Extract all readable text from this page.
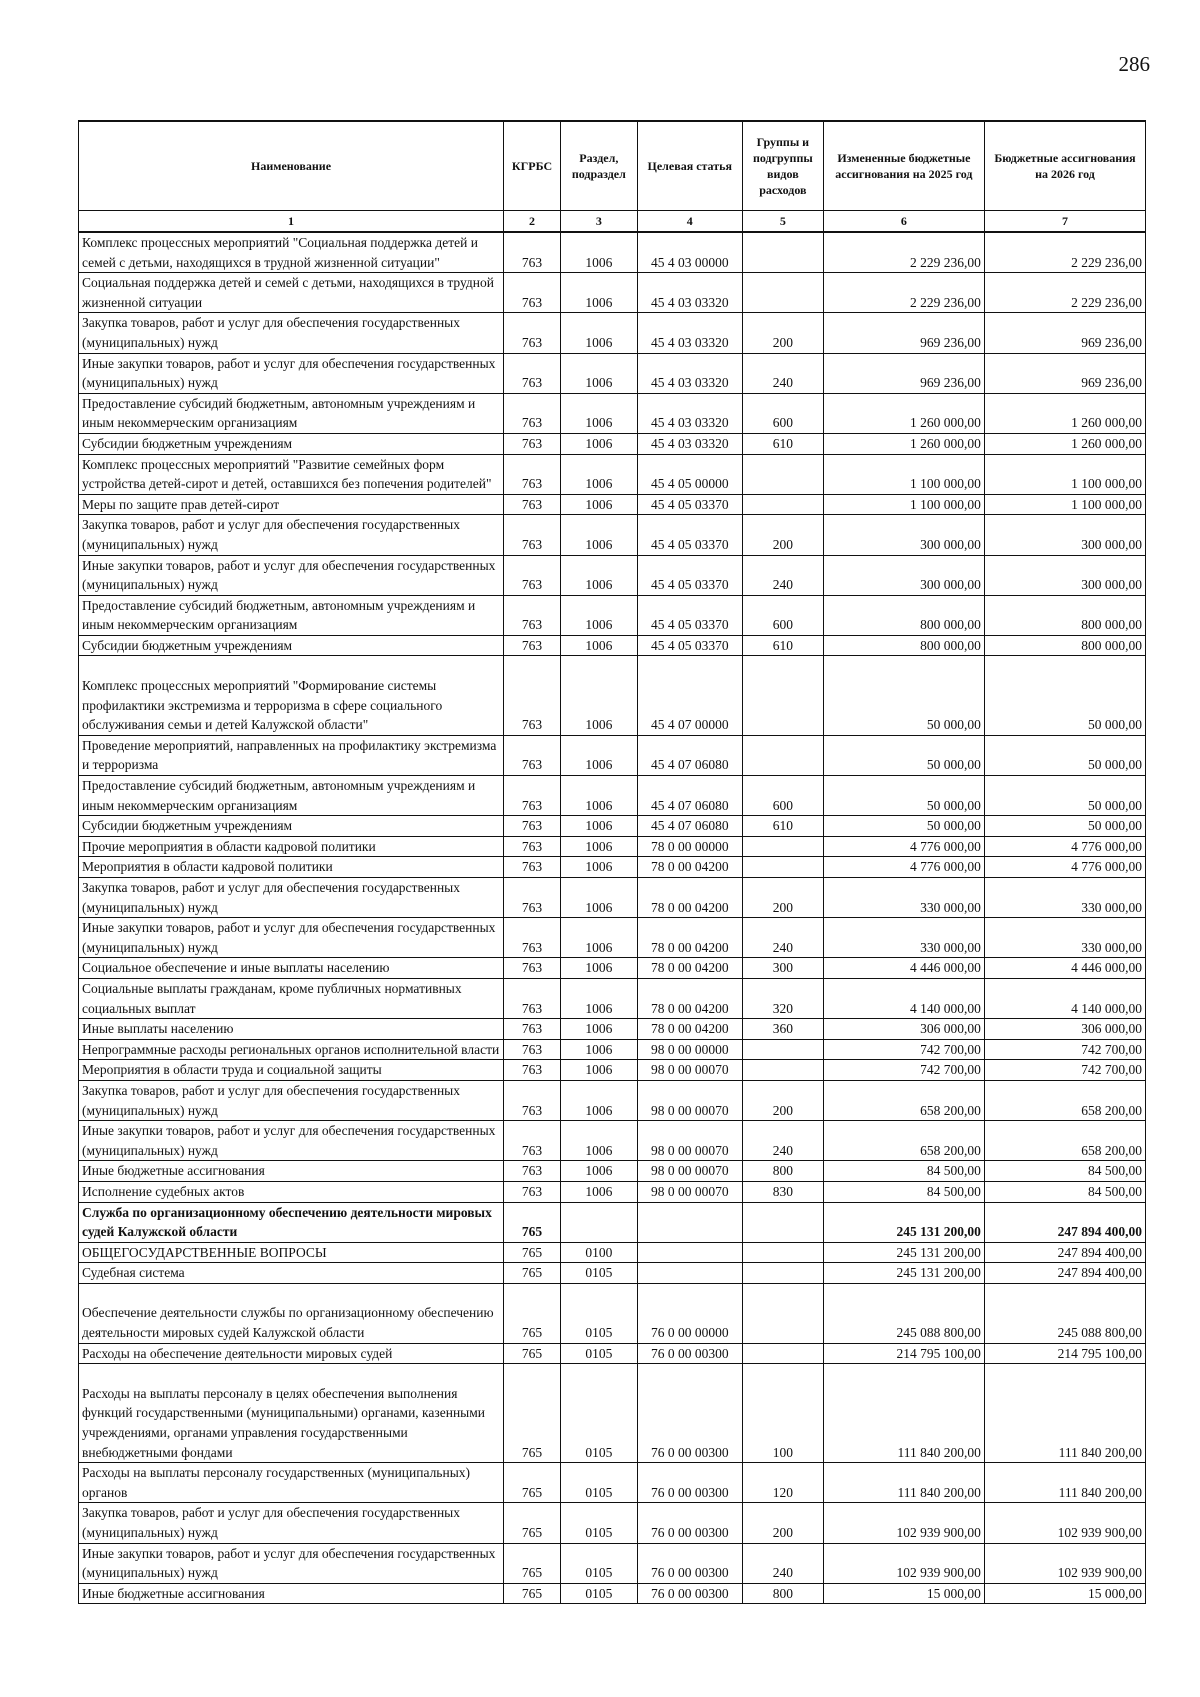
286
Наименование	КГРБС	Раздел, подраздел	Целевая статья	Группы и подгруппы видов расходов	Измененные бюджетные ассигнования на 2025 год	Бюджетные ассигнования на 2026 год
1	2	3	4	5	6	7
Комплекс процессных мероприятий "Социальная поддержка детей и семей с детьми, находящихся в трудной жизненной ситуации"	763	1006	45 4 03 00000		2 229 236,00	2 229 236,00
Социальная поддержка детей и семей с детьми, находящихся в трудной жизненной ситуации	763	1006	45 4 03 03320		2 229 236,00	2 229 236,00
Закупка товаров, работ и услуг для обеспечения государственных (муниципальных) нужд	763	1006	45 4 03 03320	200	969 236,00	969 236,00
Иные закупки товаров, работ и услуг для обеспечения государственных (муниципальных) нужд	763	1006	45 4 03 03320	240	969 236,00	969 236,00
Предоставление субсидий бюджетным, автономным учреждениям и иным некоммерческим организациям	763	1006	45 4 03 03320	600	1 260 000,00	1 260 000,00
Субсидии бюджетным учреждениям	763	1006	45 4 03 03320	610	1 260 000,00	1 260 000,00
Комплекс процессных мероприятий "Развитие семейных форм устройства детей-сирот и детей, оставшихся без попечения родителей"	763	1006	45 4 05 00000		1 100 000,00	1 100 000,00
Меры по защите прав детей-сирот	763	1006	45 4 05 03370		1 100 000,00	1 100 000,00
Закупка товаров, работ и услуг для обеспечения государственных (муниципальных) нужд	763	1006	45 4 05 03370	200	300 000,00	300 000,00
Иные закупки товаров, работ и услуг для обеспечения государственных (муниципальных) нужд	763	1006	45 4 05 03370	240	300 000,00	300 000,00
Предоставление субсидий бюджетным, автономным учреждениям и иным некоммерческим организациям	763	1006	45 4 05 03370	600	800 000,00	800 000,00
Субсидии бюджетным учреждениям	763	1006	45 4 05 03370	610	800 000,00	800 000,00
Комплекс процессных мероприятий "Формирование системы профилактики экстремизма и терроризма в сфере социального обслуживания семьи и детей Калужской области"	763	1006	45 4 07 00000		50 000,00	50 000,00
Проведение мероприятий, направленных на профилактику экстремизма и терроризма	763	1006	45 4 07 06080		50 000,00	50 000,00
Предоставление субсидий бюджетным, автономным учреждениям и иным некоммерческим организациям	763	1006	45 4 07 06080	600	50 000,00	50 000,00
Субсидии бюджетным учреждениям	763	1006	45 4 07 06080	610	50 000,00	50 000,00
Прочие мероприятия в области кадровой политики	763	1006	78 0 00 00000		4 776 000,00	4 776 000,00
Мероприятия в области кадровой политики	763	1006	78 0 00 04200		4 776 000,00	4 776 000,00
Закупка товаров, работ и услуг для обеспечения государственных (муниципальных) нужд	763	1006	78 0 00 04200	200	330 000,00	330 000,00
Иные закупки товаров, работ и услуг для обеспечения государственных (муниципальных) нужд	763	1006	78 0 00 04200	240	330 000,00	330 000,00
Социальное обеспечение и иные выплаты населению	763	1006	78 0 00 04200	300	4 446 000,00	4 446 000,00
Социальные выплаты гражданам, кроме публичных нормативных социальных выплат	763	1006	78 0 00 04200	320	4 140 000,00	4 140 000,00
Иные выплаты населению	763	1006	78 0 00 04200	360	306 000,00	306 000,00
Непрограммные расходы региональных органов исполнительной власти	763	1006	98 0 00 00000		742 700,00	742 700,00
Мероприятия в области труда и социальной защиты	763	1006	98 0 00 00070		742 700,00	742 700,00
Закупка товаров, работ и услуг для обеспечения государственных (муниципальных) нужд	763	1006	98 0 00 00070	200	658 200,00	658 200,00
Иные закупки товаров, работ и услуг для обеспечения государственных (муниципальных) нужд	763	1006	98 0 00 00070	240	658 200,00	658 200,00
Иные бюджетные ассигнования	763	1006	98 0 00 00070	800	84 500,00	84 500,00
Исполнение судебных актов	763	1006	98 0 00 00070	830	84 500,00	84 500,00
Служба по организационному обеспечению деятельности мировых судей Калужской области	765				245 131 200,00	247 894 400,00
ОБЩЕГОСУДАРСТВЕННЫЕ ВОПРОСЫ	765	0100			245 131 200,00	247 894 400,00
Судебная система	765	0105			245 131 200,00	247 894 400,00
Обеспечение деятельности службы по организационному обеспечению деятельности мировых судей Калужской области	765	0105	76 0 00 00000		245 088 800,00	245 088 800,00
Расходы на обеспечение деятельности мировых судей	765	0105	76 0 00 00300		214 795 100,00	214 795 100,00
Расходы на выплаты персоналу в целях обеспечения выполнения функций государственными (муниципальными) органами, казенными учреждениями, органами управления государственными внебюджетными фондами	765	0105	76 0 00 00300	100	111 840 200,00	111 840 200,00
Расходы на выплаты персоналу государственных (муниципальных) органов	765	0105	76 0 00 00300	120	111 840 200,00	111 840 200,00
Закупка товаров, работ и услуг для обеспечения государственных (муниципальных) нужд	765	0105	76 0 00 00300	200	102 939 900,00	102 939 900,00
Иные закупки товаров, работ и услуг для обеспечения государственных (муниципальных) нужд	765	0105	76 0 00 00300	240	102 939 900,00	102 939 900,00
Иные бюджетные ассигнования	765	0105	76 0 00 00300	800	15 000,00	15 000,00
